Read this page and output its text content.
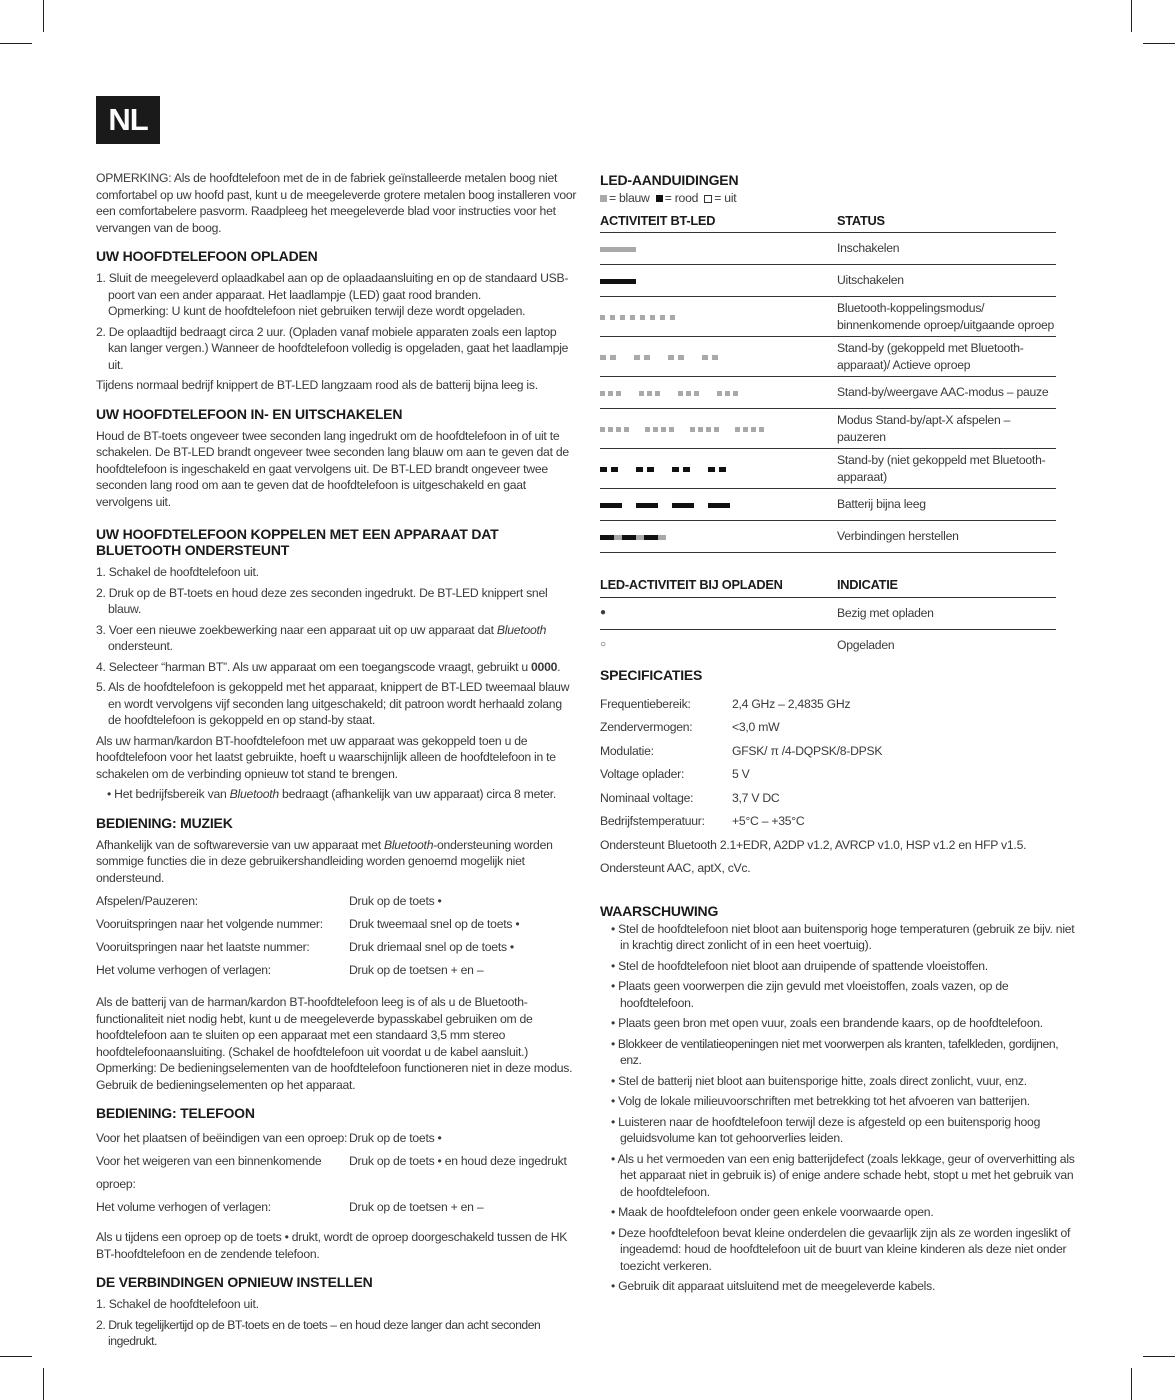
NL

OPMERKING: Als de hoofdtelefoon met de in de fabriek geïnstalleerde metalen boog niet comfortabel op uw hoofd past, kunt u de meegeleverde grotere metalen boog installeren voor een comfortabelere pasvorm. Raadpleeg het meegeleverde blad voor instructies voor het vervangen van de boog.

UW HOOFDTELEFOON OPLADEN

1. Sluit de meegeleverd oplaadkabel aan op de oplaadaansluiting en op de standaard USB-poort van een ander apparaat. Het laadlampje (LED) gaat rood branden.

Opmerking: U kunt de hoofdtelefoon niet gebruiken terwijl deze wordt opgeladen.

2. De oplaadtijd bedraagt circa 2 uur. (Opladen vanaf mobiele apparaten zoals een laptop kan langer vergen.) Wanneer de hoofdtelefoon volledig is opgeladen, gaat het laadlampje uit.

Tijdens normaal bedrijf knippert de BT-LED langzaam rood als de batterij bijna leeg is.

UW HOOFDTELEFOON IN- EN UITSCHAKELEN

Houd de BT-toets ongeveer twee seconden lang ingedrukt om de hoofdtelefoon in of uit te schakelen. De BT-LED brandt ongeveer twee seconden lang blauw om aan te geven dat de hoofdtelefoon is ingeschakeld en gaat vervolgens uit. De BT-LED brandt ongeveer twee seconden lang rood om aan te geven dat de hoofdtelefoon is uitgeschakeld en gaat vervolgens uit.

UW HOOFDTELEFOON KOPPELEN MET EEN APPARAAT DAT BLUETOOTH ONDERSTEUNT

1. Schakel de hoofdtelefoon uit.

2. Druk op de BT-toets en houd deze zes seconden ingedrukt. De BT-LED knippert snel blauw.

3. Voer een nieuwe zoekbewerking naar een apparaat uit op uw apparaat dat Bluetooth ondersteunt.

4. Selecteer “harman BT”. Als uw apparaat om een toegangscode vraagt, gebruikt u 0000.

5. Als de hoofdtelefoon is gekoppeld met het apparaat, knippert de BT-LED tweemaal blauw en wordt vervolgens vijf seconden lang uitgeschakeld; dit patroon wordt herhaald zolang de hoofdtelefoon is gekoppeld en op stand-by staat.

Als uw harman/kardon BT-hoofdtelefoon met uw apparaat was gekoppeld toen u de hoofdtelefoon voor het laatst gebruikte, hoeft u waarschijnlijk alleen de hoofdtelefoon in te schakelen om de verbinding opnieuw tot stand te brengen.

• Het bedrijfsbereik van Bluetooth bedraagt (afhankelijk van uw apparaat) circa 8 meter.

BEDIENING: MUZIEK

Afhankelijk van de softwareversie van uw apparaat met Bluetooth-ondersteuning worden sommige functies die in deze gebruikershandleiding worden genoemd mogelijk niet ondersteund.

Afspelen/Pauzeren:	Druk op de toets •
Vooruitspringen naar het volgende nummer:	Druk tweemaal snel op de toets •
Vooruitspringen naar het laatste nummer:	Druk driemaal snel op de toets •
Het volume verhogen of verlagen:	Druk op de toetsen + en –

Als de batterij van de harman/kardon BT-hoofdtelefoon leeg is of als u de Bluetooth-functionaliteit niet nodig hebt, kunt u de meegeleverde bypasskabel gebruiken om de hoofdtelefoon aan te sluiten op een apparaat met een standaard 3,5 mm stereo hoofdtelefoonaansluiting. (Schakel de hoofdtelefoon uit voordat u de kabel aansluit.)

Opmerking: De bedieningselementen van de hoofdtelefoon functioneren niet in deze modus. Gebruik de bedieningselementen op het apparaat.

BEDIENING: TELEFOON
Voor het plaatsen of beëindigen van een oproep: Druk op de toets •
Voor het weigeren van een binnenkomende oproep:
Druk op de toets • en houd deze ingedrukt
Het volume verhogen of verlagen:	Druk op de toetsen + en –

Als u tijdens een oproep op de toets • drukt, wordt de oproep doorgeschakeld tussen de HK BT-hoofdtelefoon en de zendende telefoon.

DE VERBINDINGEN OPNIEUW INSTELLEN

1. Schakel de hoofdtelefoon uit.

2. Druk tegelijkertijd op de BT-toets en de toets – en houd deze langer dan acht seconden ingedrukt.

LED-AANDUIDINGEN
= blauw = rood = uit
ACTIVITEIT BT-LED	STATUS
	Inschakelen
	Uitschakelen
	Bluetooth-koppelingsmodus/ binnenkomende oproep/uitgaande oproep
	Stand-by (gekoppeld met Bluetooth-apparaat)/ Actieve oproep
	Stand-by/weergave AAC-modus – pauze
	Modus Stand-by/apt-X afspelen – pauzeren
	Stand-by (niet gekoppeld met Bluetooth-apparaat)
	Batterij bijna leeg
	Verbindingen herstellen
LED-ACTIVITEIT BIJ OPLADEN	INDICATIE
●	Bezig met opladen
○	Opgeladen
SPECIFICATIES
Frequentiebereik:	2,4 GHz – 2,4835 GHz
Zendervermogen:	<3,0 mW
Modulatie:	GFSK/ π /4-DQPSK/8-DPSK
Voltage oplader:	5 V
Nominaal voltage:	3,7 V DC
Bedrijfstemperatuur:	+5°C – +35°C
Ondersteunt Bluetooth 2.1+EDR, A2DP v1.2, AVRCP v1.0, HSP v1.2 en HFP v1.5.
Ondersteunt AAC, aptX, cVc.
WAARSCHUWING

• Stel de hoofdtelefoon niet bloot aan buitensporig hoge temperaturen (gebruik ze bijv. niet in krachtig direct zonlicht of in een heet voertuig).

• Stel de hoofdtelefoon niet bloot aan druipende of spattende vloeistoffen.

• Plaats geen voorwerpen die zijn gevuld met vloeistoffen, zoals vazen, op de hoofdtelefoon.

• Plaats geen bron met open vuur, zoals een brandende kaars, op de hoofdtelefoon.

• Blokkeer de ventilatieopeningen niet met voorwerpen als kranten, tafelkleden, gordijnen, enz.

• Stel de batterij niet bloot aan buitensporige hitte, zoals direct zonlicht, vuur, enz.

• Volg de lokale milieuvoorschriften met betrekking tot het afvoeren van batterijen.

• Luisteren naar de hoofdtelefoon terwijl deze is afgesteld op een buitensporig hoog geluidsvolume kan tot gehoorverlies leiden.

• Als u het vermoeden van een enig batterijdefect (zoals lekkage, geur of oververhitting als het apparaat niet in gebruik is) of enige andere schade hebt, stopt u met het gebruik van de hoofdtelefoon.

• Maak de hoofdtelefoon onder geen enkele voorwaarde open.

• Deze hoofdtelefoon bevat kleine onderdelen die gevaarlijk zijn als ze worden ingeslikt of ingeademd: houd de hoofdtelefoon uit de buurt van kleine kinderen als deze niet onder toezicht verkeren.

• Gebruik dit apparaat uitsluitend met de meegeleverde kabels.
